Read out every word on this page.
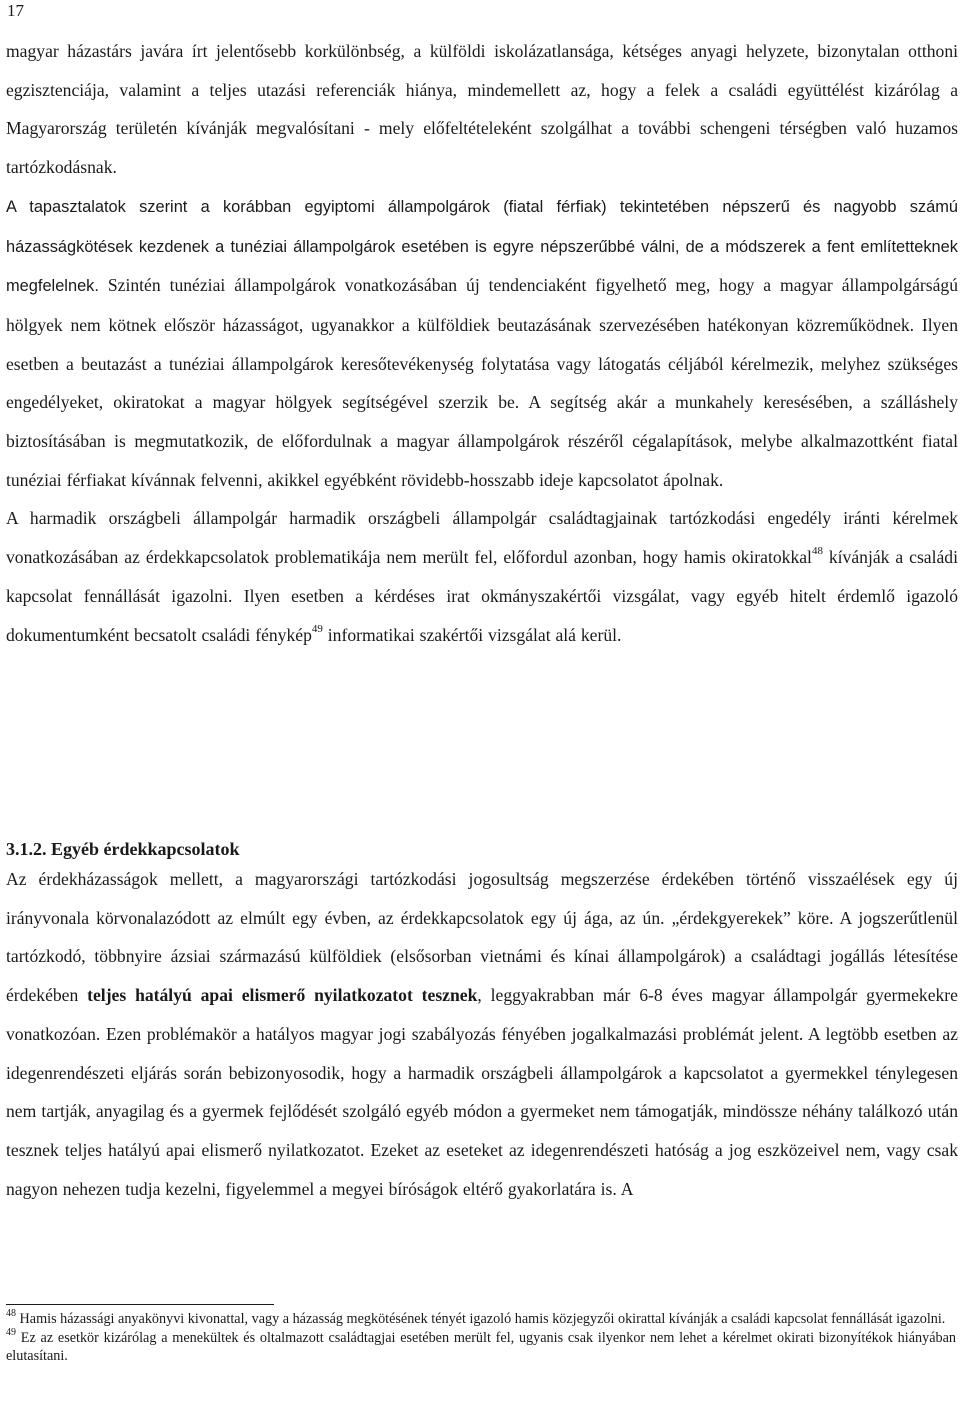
17

magyar házastárs javára írt jelentősebb korkülönbség, a külföldi iskolázatlansága, kétséges anyagi helyzete, bizonytalan otthoni egzisztenciája, valamint a teljes utazási referenciák hiánya, mindemellett az, hogy a felek a családi együttélést kizárólag a Magyarország területén kívánják megvalósítani - mely előfeltételeként szolgálhat a további schengeni térségben való huzamos tartózkodásnak.

A tapasztalatok szerint a korábban egyiptomi állampolgárok (fiatal férfiak) tekintetében népszerű és nagyobb számú házasságkötések kezdenek a tunéziai állampolgárok esetében is egyre népszerűbbé válni, de a módszerek a fent említetteknek megfelelnek. Szintén tunéziai állampolgárok vonatkozásában új tendenciaként figyelhető meg, hogy a magyar állampolgárságú hölgyek nem kötnek először házasságot, ugyanakkor a külföldiek beutazásának szervezésében hatékonyan közreműködnek. Ilyen esetben a beutazást a tunéziai állampolgárok keresőtevékenység folytatása vagy látogatás céljából kérelmezik, melyhez szükséges engedélyeket, okiratokat a magyar hölgyek segítségével szerzik be. A segítség akár a munkahely keresésében, a szálláshely biztosításában is megmutatkozik, de előfordulnak a magyar állampolgárok részéről cégalapítások, melybe alkalmazottként fiatal tunéziai férfiakat kívánnak felvenni, akikkel egyébként rövidebb-hosszabb ideje kapcsolatot ápolnak.

A harmadik országbeli állampolgár harmadik országbeli állampolgár családtagjainak tartózkodási engedély iránti kérelmek vonatkozásában az érdekkapcsolatok problematikája nem merült fel, előfordul azonban, hogy hamis okiratokkal$^{48}$ kívánják a családi kapcsolat fennállását igazolni. Ilyen esetben a kérdéses irat okmányszakértői vizsgálat, vagy egyéb hitelt érdemlő igazoló dokumentumként becsatolt családi fénykép$^{49}$ informatikai szakértői vizsgálat alá kerül.

3.1.2. Egyéb érdekkapcsolatok

Az érdekházasságok mellett, a magyarországi tartózkodási jogosultság megszerzése érdekében történő visszaélések egy új irányvonala körvonalazódott az elmúlt egy évben, az érdekkapcsolatok egy új ága, az ún. „érdekgyerekek” köre. A jogszerűtlenül tartózkodó, többnyire ázsiai származású külföldiek (elsősorban vietnámi és kínai állampolgárok) a családtagi jogállás létesítése érdekében teljes hatályú apai elismerő nyilatkozatot tesznek, leggyakrabban már 6-8 éves magyar állampolgár gyermekekre vonatkozóan. Ezen problémakör a hatályos magyar jogi szabályozás fényében jogalkalmazási problémát jelent. A legtöbb esetben az idegenrendészeti eljárás során bebizonyosodik, hogy a harmadik országbeli állampolgárok a kapcsolatot a gyermekkel ténylegesen nem tartják, anyagilag és a gyermek fejlődését szolgáló egyéb módon a gyermeket nem támogatják, mindössze néhány találkozó után tesznek teljes hatályú apai elismerő nyilatkozatot. Ezeket az eseteket az idegenrendészeti hatóság a jog eszközeivel nem, vagy csak nagyon nehezen tudja kezelni, figyelemmel a megyei bíróságok eltérő gyakorlatára is. A

$^{48}$ Hamis házassági anyakönyvi kivonattal, vagy a házasság megkötésének tényét igazoló hamis közjegyzői okirattal kívánják a családi kapcsolat fennállását igazolni.

$^{49}$ Ez az esetkör kizárólag a menekültek és oltalmazott családtagjai esetében merült fel, ugyanis csak ilyenkor nem lehet a kérelmet okirati bizonyítékok hiányában elutasítani.
